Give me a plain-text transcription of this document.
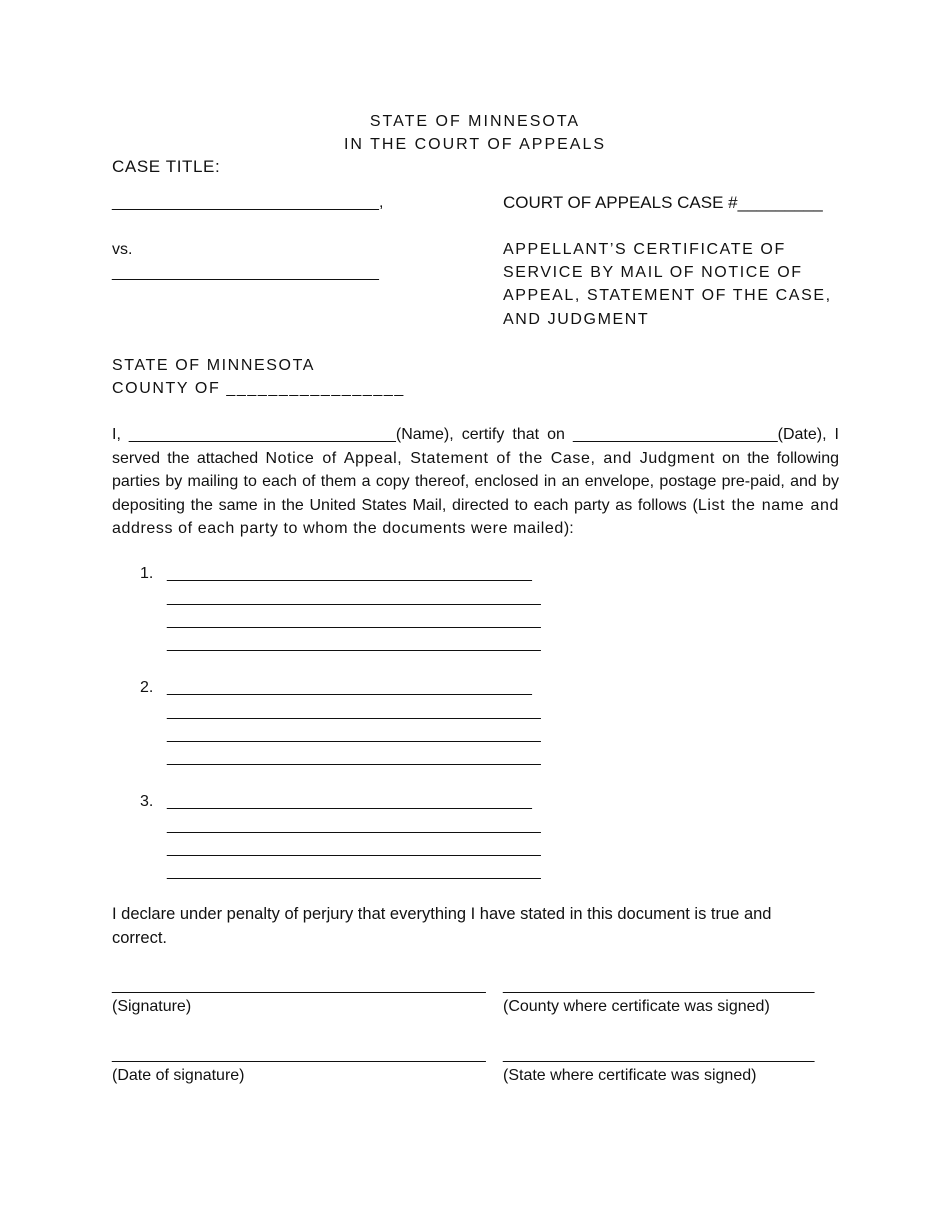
STATE OF MINNESOTA

IN THE COURT OF APPEALS

CASE TITLE:

______________________________,	COURT OF APPEALS CASE #_________

vs.

______________________________

APPELLANT’S CERTIFICATE OF

SERVICE BY MAIL OF NOTICE OF

APPEAL, STATEMENT OF THE CASE,

AND JUDGMENT

STATE OF MINNESOTA

COUNTY OF _________________

I, ______________________________(Name), certify that on _______________________(Date), I served the attached Notice of Appeal, Statement of the Case, and Judgment on the following parties by mailing to each of them a copy thereof, enclosed in an envelope, postage pre-paid, and by depositing the same in the United States Mail, directed to each party as follows (List the name and address of each party to whom the documents were mailed):

1. _________________________________________

__________________________________________

__________________________________________

__________________________________________

2. _________________________________________

__________________________________________

__________________________________________

__________________________________________

3. _________________________________________

__________________________________________

__________________________________________

__________________________________________

I declare under penalty of perjury that everything I have stated in this document is true and

correct.

__________________________________________

(Signature)

___________________________________

(County where certificate was signed)

__________________________________________

(Date of signature)

___________________________________

(State where certificate was signed)
